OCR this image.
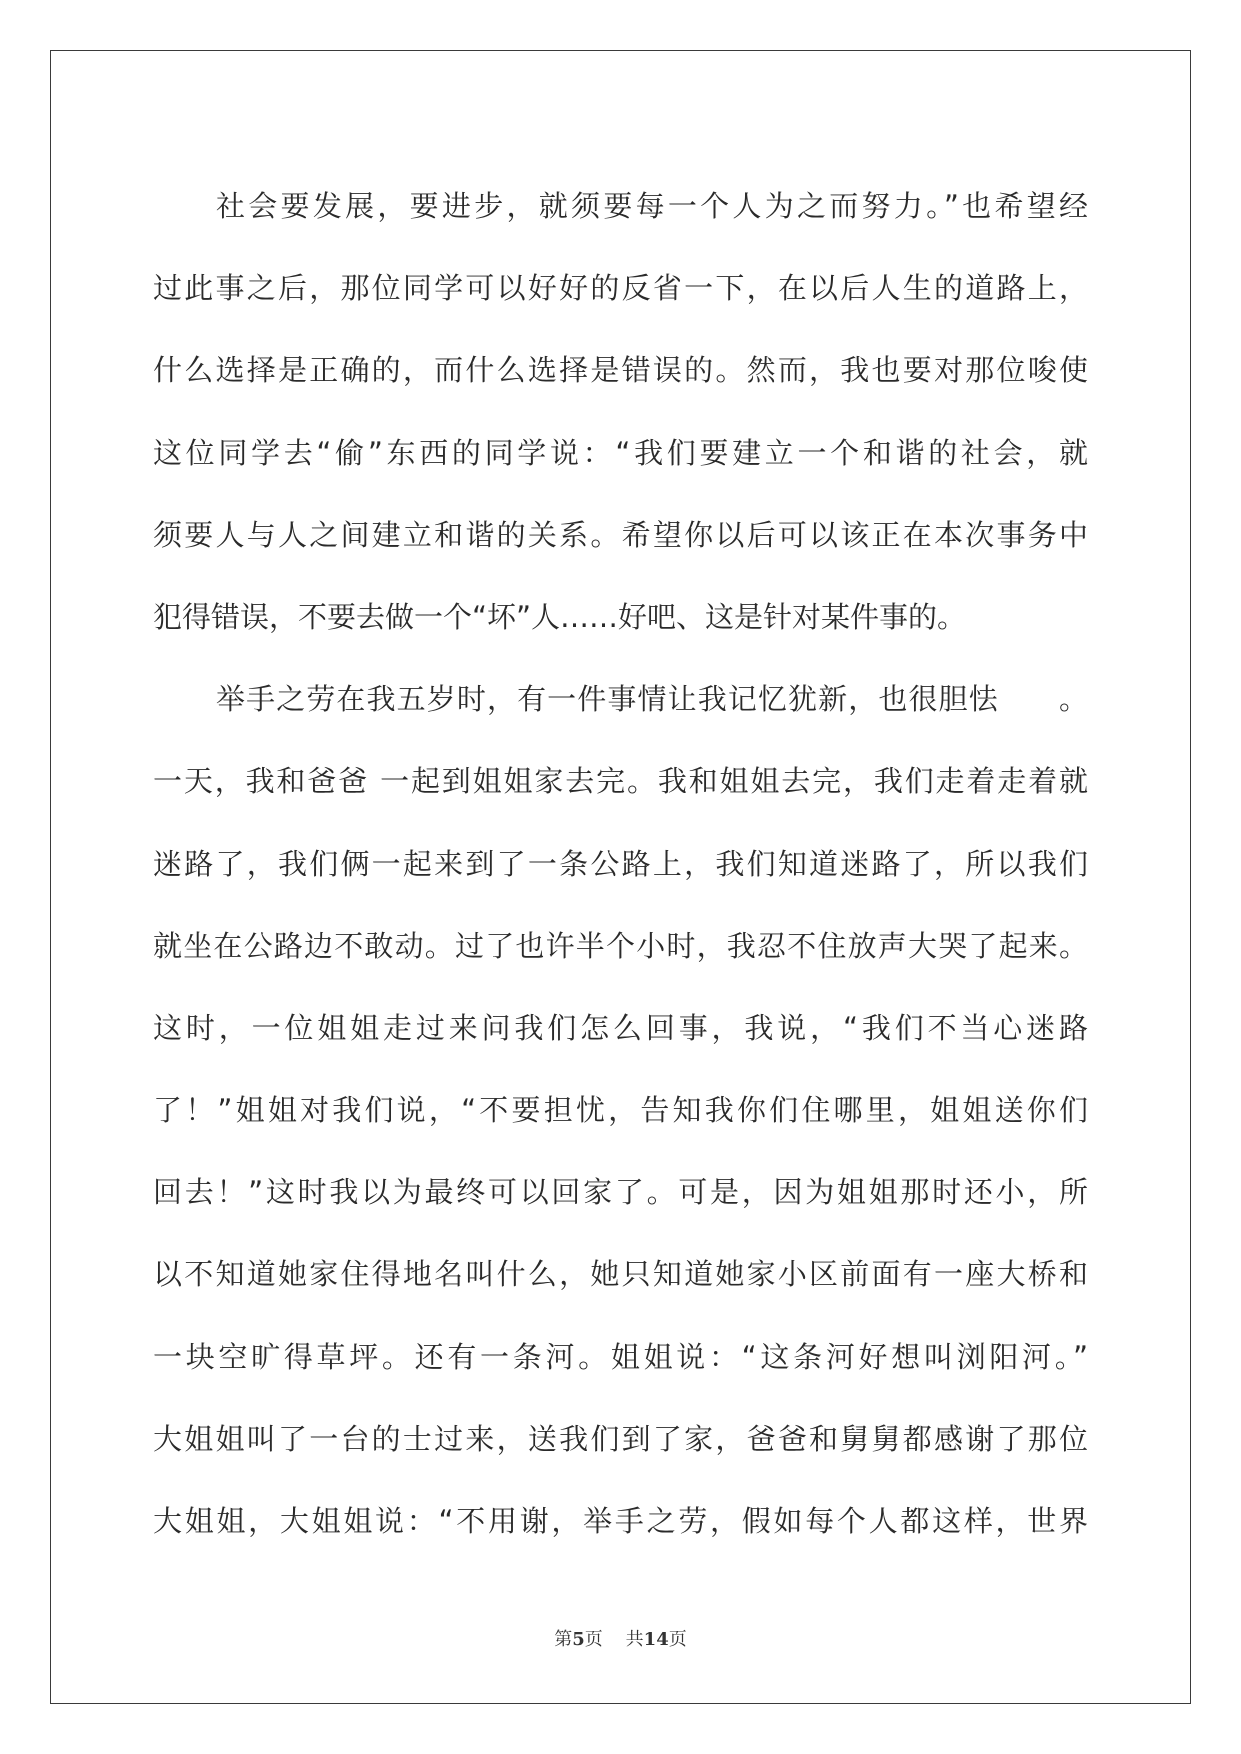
社会要发展，要进步，就须要每一个人为之而努力。”也希望经
过此事之后，那位同学可以好好的反省一下，在以后人生的道路上，
什么选择是正确的，而什么选择是错误的。然而，我也要对那位唆使
这位同学去“偷”东西的同学说：“我们要建立一个和谐的社会，就
须要人与人之间建立和谐的关系。希望你以后可以该正在本次事务中
犯得错误，不要去做一个“坏”人……好吧、这是针对某件事的。
举手之劳在我五岁时，有一件事情让我记忆犹新，也很胆怯　　。
一天，我和爸爸 一起到姐姐家去完。我和姐姐去完，我们走着走着就
迷路了，我们俩一起来到了一条公路上，我们知道迷路了，所以我们
就坐在公路边不敢动。过了也许半个小时，我忍不住放声大哭了起来。
这时，一位姐姐走过来问我们怎么回事，我说，“我们不当心迷路
了！”姐姐对我们说，“不要担忧，告知我你们住哪里，姐姐送你们
回去！”这时我以为最终可以回家了。可是，因为姐姐那时还小，所
以不知道她家住得地名叫什么，她只知道她家小区前面有一座大桥和
一块空旷得草坪。还有一条河。姐姐说：“这条河好想叫浏阳河。”
大姐姐叫了一台的士过来，送我们到了家，爸爸和舅舅都感谢了那位
大姐姐，大姐姐说：“不用谢，举手之劳，假如每个人都这样，世界
第5页 共14页
